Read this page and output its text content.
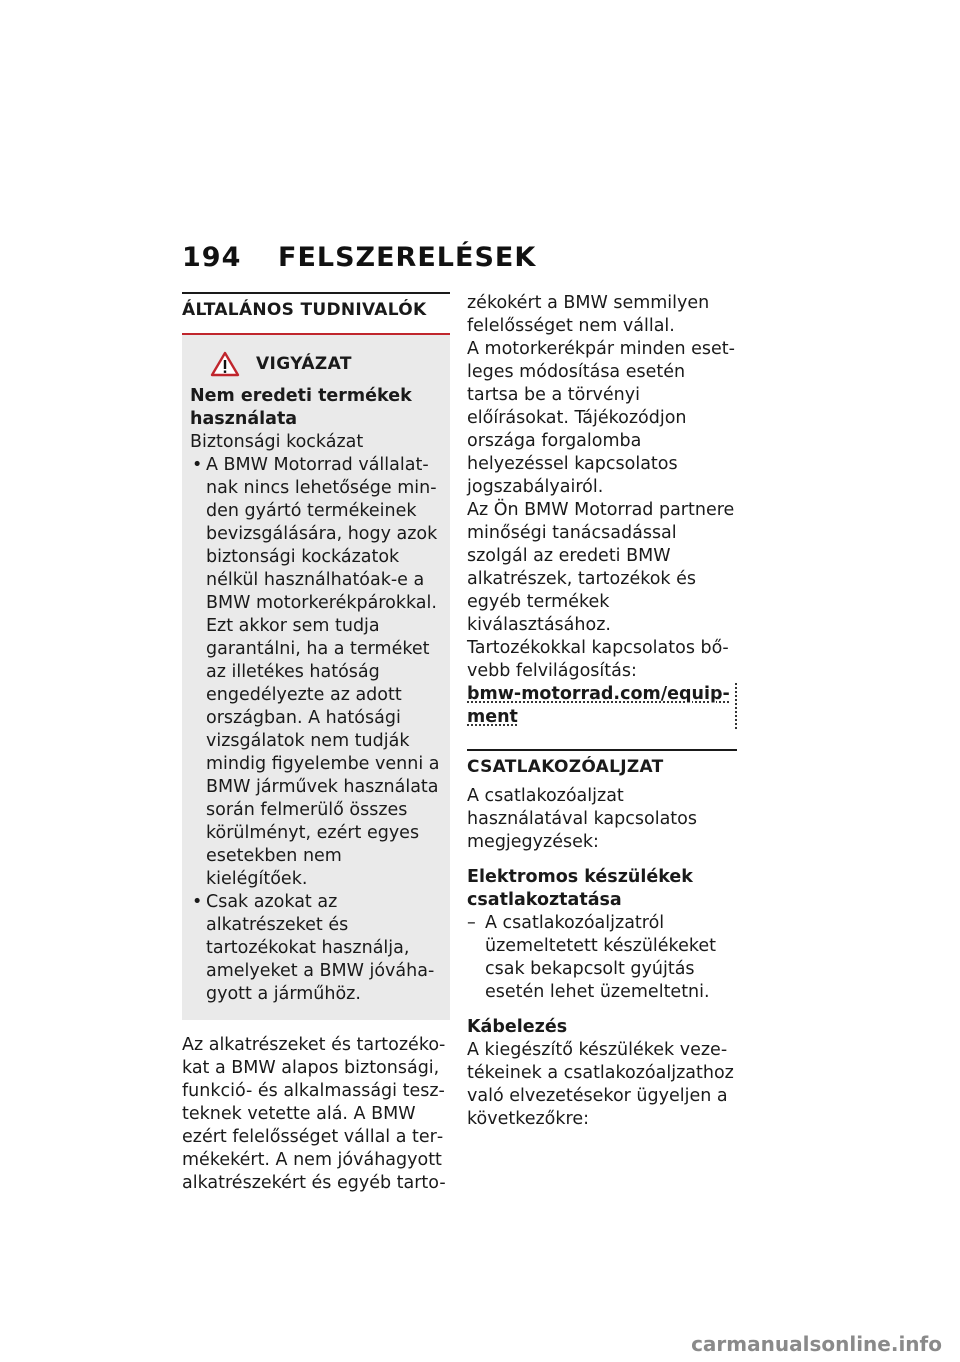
194 FELSZERELÉSEK
ÁLTALÁNOS TUDNIVALÓK
VIGYÁZAT

Nem eredeti termékek használata

Biztonsági kockázat

• A BMW Motorrad vállalatnak nincs lehetősége minden gyártó termékeinek bevizsgálására, hogy azok biztonsági kockázatok nélkül használhatóak-e a BMW motorkerékpárokkal. Ezt akkor sem tudja garantálni, ha a terméket az illetékes hatóság engedélyezte az adott országban. A hatósági vizsgálatok nem tudják mindig figyelembe venni a BMW járművek használata során felmerülő összes körülményt, ezért egyes esetekben nem kielégítőek.
• Csak azokat az alkatrészeket és tartozékokat használja, amelyeket a BMW jóváhagyott a járműhöz.

Az alkatrészeket és tartozékokat a BMW alapos biztonsági, funkció- és alkalmassági teszteknek vetette alá. A BMW ezért felelősséget vállal a termékekért. A nem jóváhagyott alkatrészekért és egyéb tarto-

zékokért a BMW semmilyen felelősséget nem vállal.

A motorkerékpár minden esetleges módosítása esetén tartsa be a törvényi előírásokat. Tájékozódjon országa forgalomba helyezéssel kapcsolatos jogszabályairól.

Az Ön BMW Motorrad partnere minőségi tanácsadással szolgál az eredeti BMW alkatrészek, tartozékok és egyéb termékek kiválasztásához.

Tartozékokkal kapcsolatos bővebb felvilágosítás:

bmw-motorrad.com/equip-
ment
CSATLAKOZÓALJZAT

A csatlakozóaljzat használatával kapcsolatos megjegyzések:

Elektromos készülékek csatlakoztatása

– A csatlakozóaljzatról üzemeltetett készülékeket csak bekapcsolt gyújtás esetén lehet üzemeltetni.

Kábelezés

A kiegészítő készülékek vezetékeinek a csatlakozóaljzathoz való elvezetésekor ügyeljen a következőkre:

carmanualsonline.info
